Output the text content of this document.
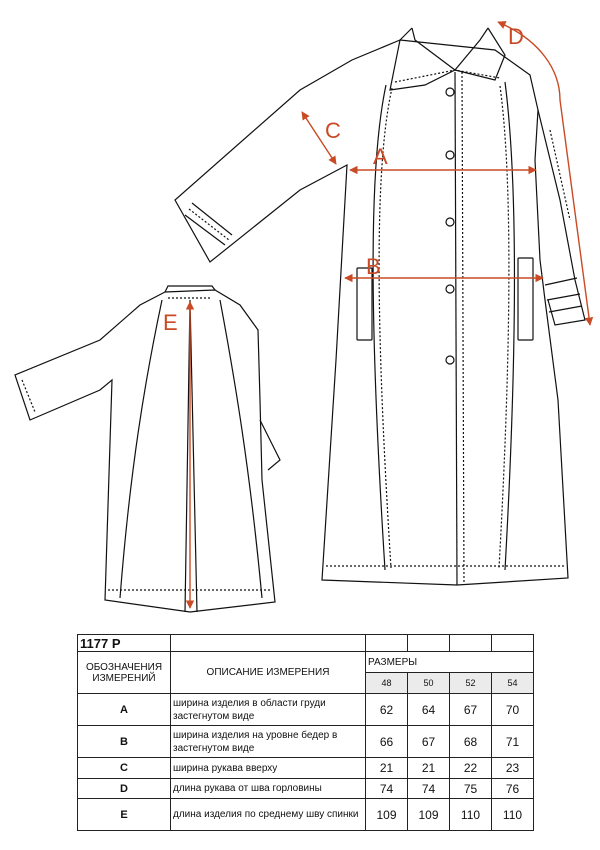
A
B
C
D
E
1177 Р					
ОБОЗНАЧЕНИЯ ИЗМЕРЕНИЙ	ОПИСАНИЕ ИЗМЕРЕНИЯ	РАЗМЕРЫ			
		48	50	52	54
A	ширина изделия в области груди застегнутом виде	62	64	67	70
B	ширина изделия на уровне бедер в застегнутом виде	66	67	68	71
C	ширина рукава вверху	21	21	22	23
D	длина рукава от шва горловины	74	74	75	76
E	длина изделия по среднему шву спинки	109	109	110	110
